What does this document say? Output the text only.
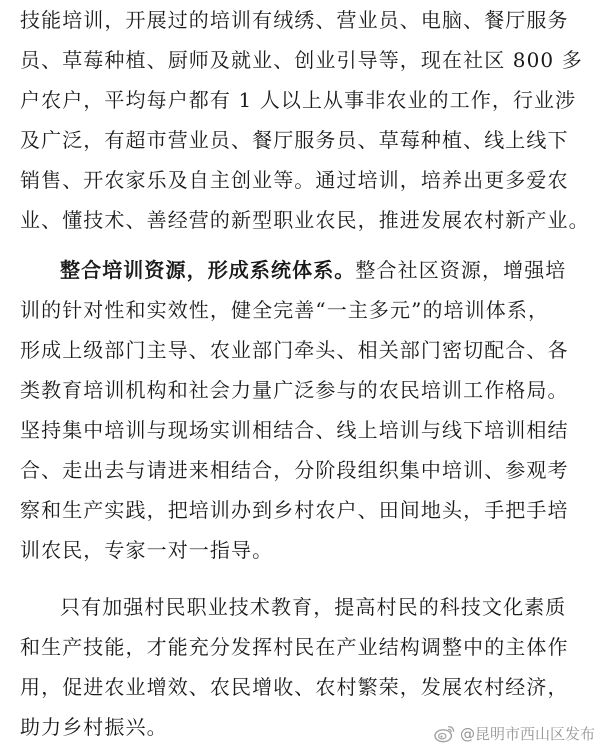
技能培训，开展过的培训有绒绣、营业员、电脑、餐厅服务
员、草莓种植、厨师及就业、创业引导等，现在社区 800 多
户农户，平均每户都有 1 人以上从事非农业的工作，行业涉
及广泛，有超市营业员、餐厅服务员、草莓种植、线上线下
销售、开农家乐及自主创业等。通过培训，培养出更多爱农
业、懂技术、善经营的新型职业农民，推进发展农村新产业。
整合培训资源，形成系统体系。整合社区资源，增强培
训的针对性和实效性，健全完善“一主多元”的培训体系，
形成上级部门主导、农业部门牵头、相关部门密切配合、各
类教育培训机构和社会力量广泛参与的农民培训工作格局。
坚持集中培训与现场实训相结合、线上培训与线下培训相结
合、走出去与请进来相结合，分阶段组织集中培训、参观考
察和生产实践，把培训办到乡村农户、田间地头，手把手培
训农民，专家一对一指导。
只有加强村民职业技术教育，提高村民的科技文化素质
和生产技能，才能充分发挥村民在产业结构调整中的主体作
用，促进农业增效、农民增收、农村繁荣，发展农村经济，
助力乡村振兴。	@昆明市西山区发布
